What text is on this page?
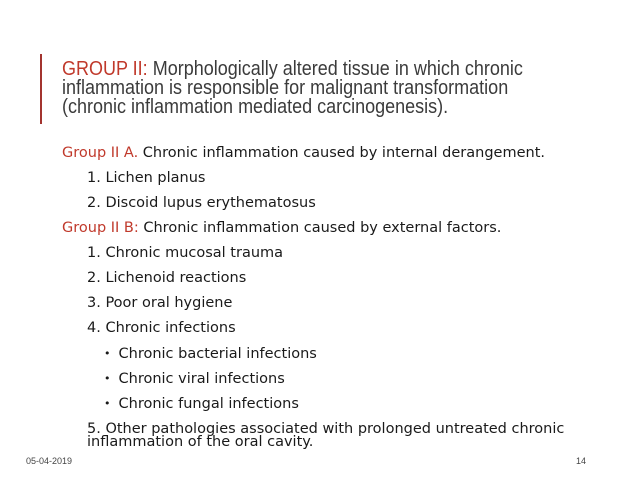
GROUP II: Morphologically altered tissue in which chronic inflammation is responsible for malignant transformation (chronic inflammation mediated carcinogenesis).
Group II A. Chronic inflammation caused by internal derangement.
1. Lichen planus
2. Discoid lupus erythematosus
Group II B: Chronic inflammation caused by external factors.
1. Chronic mucosal trauma
2. Lichenoid reactions
3. Poor oral hygiene
4. Chronic infections
• Chronic bacterial infections
• Chronic viral infections
• Chronic fungal infections
5. Other pathologies associated with prolonged untreated chronic inflammation of the oral cavity.
05-04-2019	14
